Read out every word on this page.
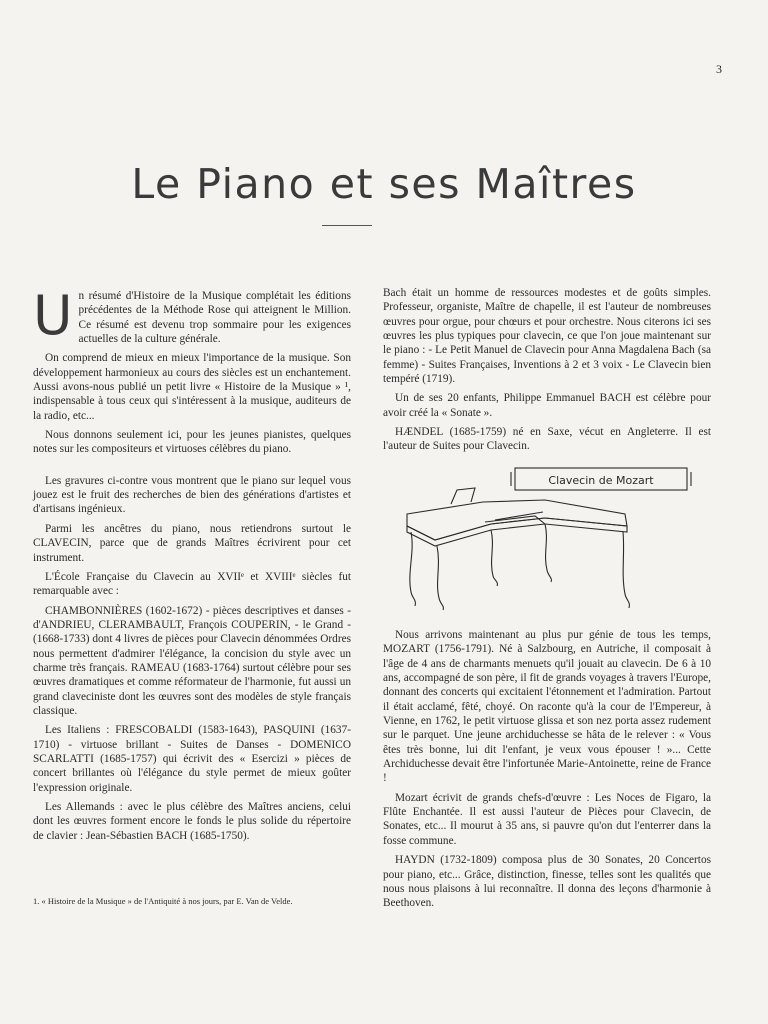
3
Le Piano et ses Maîtres

Un résumé d'Histoire de la Musique complétait les éditions précédentes de la Méthode Rose qui atteignent le Million. Ce résumé est devenu trop sommaire pour les exigences actuelles de la culture générale.

On comprend de mieux en mieux l'importance de la musique. Son développement harmonieux au cours des siècles est un enchantement. Aussi avons-nous publié un petit livre « Histoire de la Musique » ¹, indispensable à tous ceux qui s'intéressent à la musique, auditeurs de la radio, etc...

Nous donnons seulement ici, pour les jeunes pianistes, quelques notes sur les compositeurs et virtuoses célèbres du piano.

Les gravures ci-contre vous montrent que le piano sur lequel vous jouez est le fruit des recherches de bien des générations d'artistes et d'artisans ingénieux.

Parmi les ancêtres du piano, nous retiendrons surtout le CLAVECIN, parce que de grands Maîtres écrivirent pour cet instrument.

L'École Française du Clavecin au XVIIᵉ et XVIIIᵉ siècles fut remarquable avec :

CHAMBONNIÈRES (1602-1672) - pièces descriptives et danses - d'ANDRIEU, CLERAMBAULT, François COUPERIN, - le Grand - (1668-1733) dont 4 livres de pièces pour Clavecin dénommées Ordres nous permettent d'admirer l'élégance, la concision du style avec un charme très français. RAMEAU (1683-1764) surtout célèbre pour ses œuvres dramatiques et comme réformateur de l'harmonie, fut aussi un grand claveciniste dont les œuvres sont des modèles de style français classique.

Les Italiens : FRESCOBALDI (1583-1643), PASQUINI (1637-1710) - virtuose brillant - Suites de Danses - DOMENICO SCARLATTI (1685-1757) qui écrivit des « Esercizi » pièces de concert brillantes où l'élégance du style permet de mieux goûter l'expression originale.

Les Allemands : avec le plus célèbre des Maîtres anciens, celui dont les œuvres forment encore le fonds le plus solide du répertoire de clavier : Jean-Sébastien BACH (1685-1750).

1. « Histoire de la Musique » de l'Antiquité à nos jours, par E. Van de Velde.

Bach était un homme de ressources modestes et de goûts simples. Professeur, organiste, Maître de chapelle, il est l'auteur de nombreuses œuvres pour orgue, pour chœurs et pour orchestre. Nous citerons ici ses œuvres les plus typiques pour clavecin, ce que l'on joue maintenant sur le piano : - Le Petit Manuel de Clavecin pour Anna Magdalena Bach (sa femme) - Suites Françaises, Inventions à 2 et 3 voix - Le Clavecin bien tempéré (1719).

Un de ses 20 enfants, Philippe Emmanuel BACH est célèbre pour avoir créé la « Sonate ».

HÆNDEL (1685-1759) né en Saxe, vécut en Angleterre. Il est l'auteur de Suites pour Clavecin.

Clavecin de Mozart

Nous arrivons maintenant au plus pur génie de tous les temps, MOZART (1756-1791). Né à Salzbourg, en Autriche, il composait à l'âge de 4 ans de charmants menuets qu'il jouait au clavecin. De 6 à 10 ans, accompagné de son père, il fit de grands voyages à travers l'Europe, donnant des concerts qui excitaient l'étonnement et l'admiration. Partout il était acclamé, fêté, choyé. On raconte qu'à la cour de l'Empereur, à Vienne, en 1762, le petit virtuose glissa et son nez porta assez rudement sur le parquet. Une jeune archiduchesse se hâta de le relever : « Vous êtes très bonne, lui dit l'enfant, je veux vous épouser ! »... Cette Archiduchesse devait être l'infortunée Marie-Antoinette, reine de France !

Mozart écrivit de grands chefs-d'œuvre : Les Noces de Figaro, la Flûte Enchantée. Il est aussi l'auteur de Pièces pour Clavecin, de Sonates, etc... Il mourut à 35 ans, si pauvre qu'on dut l'enterrer dans la fosse commune.

HAYDN (1732-1809) composa plus de 30 Sonates, 20 Concertos pour piano, etc... Grâce, distinction, finesse, telles sont les qualités que nous nous plaisons à lui reconnaître. Il donna des leçons d'harmonie à Beethoven.
